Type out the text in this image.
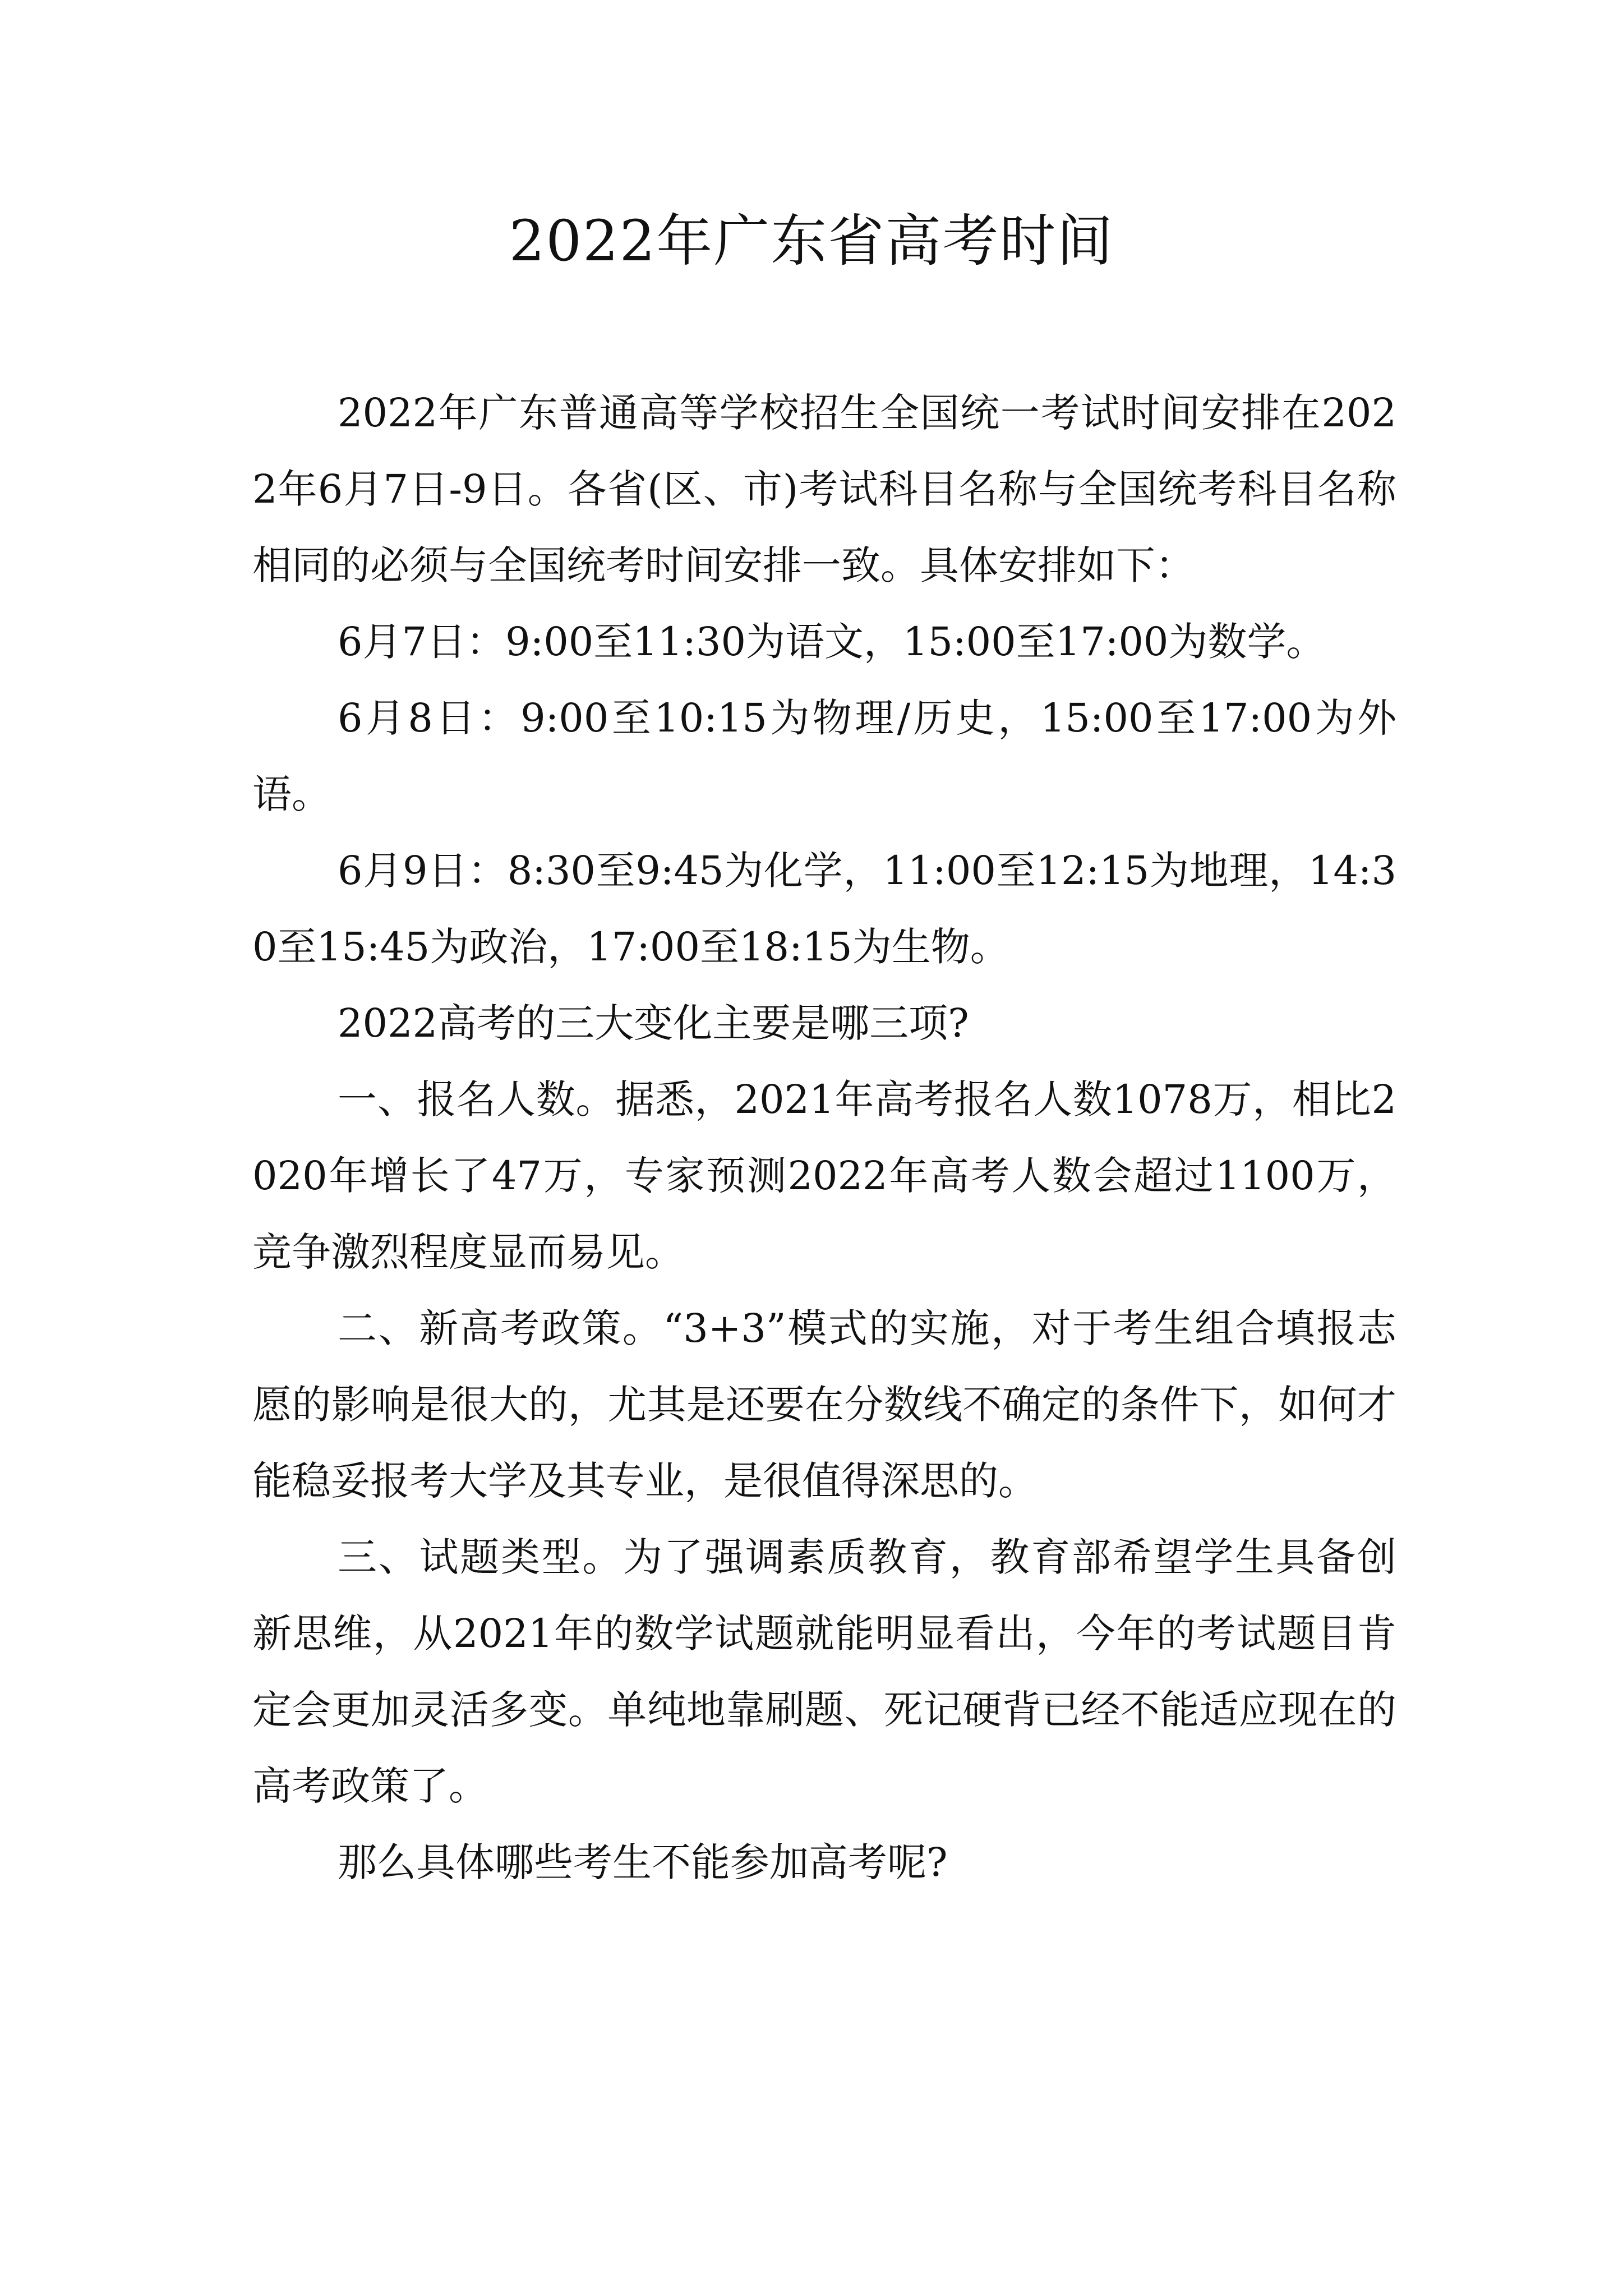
2022年广东省高考时间

2022年广东普通高等学校招生全国统一考试时间安排在2022年6月7日-9日。各省(区、市)考试科目名称与全国统考科目名称相同的必须与全国统考时间安排一致。具体安排如下：

6月7日：9:00至11:30为语文，15:00至17:00为数学。

6月8日：9:00至10:15为物理/历史，15:00至17:00为外语。

6月9日：8:30至9:45为化学，11:00至12:15为地理，14:30至15:45为政治，17:00至18:15为生物。

2022高考的三大变化主要是哪三项?

一、报名人数。据悉，2021年高考报名人数1078万，相比2020年增长了47万，专家预测2022年高考人数会超过1100万，竞争激烈程度显而易见。

二、新高考政策。“3+3”模式的实施，对于考生组合填报志愿的影响是很大的，尤其是还要在分数线不确定的条件下，如何才能稳妥报考大学及其专业，是很值得深思的。

三、试题类型。为了强调素质教育，教育部希望学生具备创新思维，从2021年的数学试题就能明显看出，今年的考试题目肯定会更加灵活多变。单纯地靠刷题、死记硬背已经不能适应现在的高考政策了。

那么具体哪些考生不能参加高考呢?
